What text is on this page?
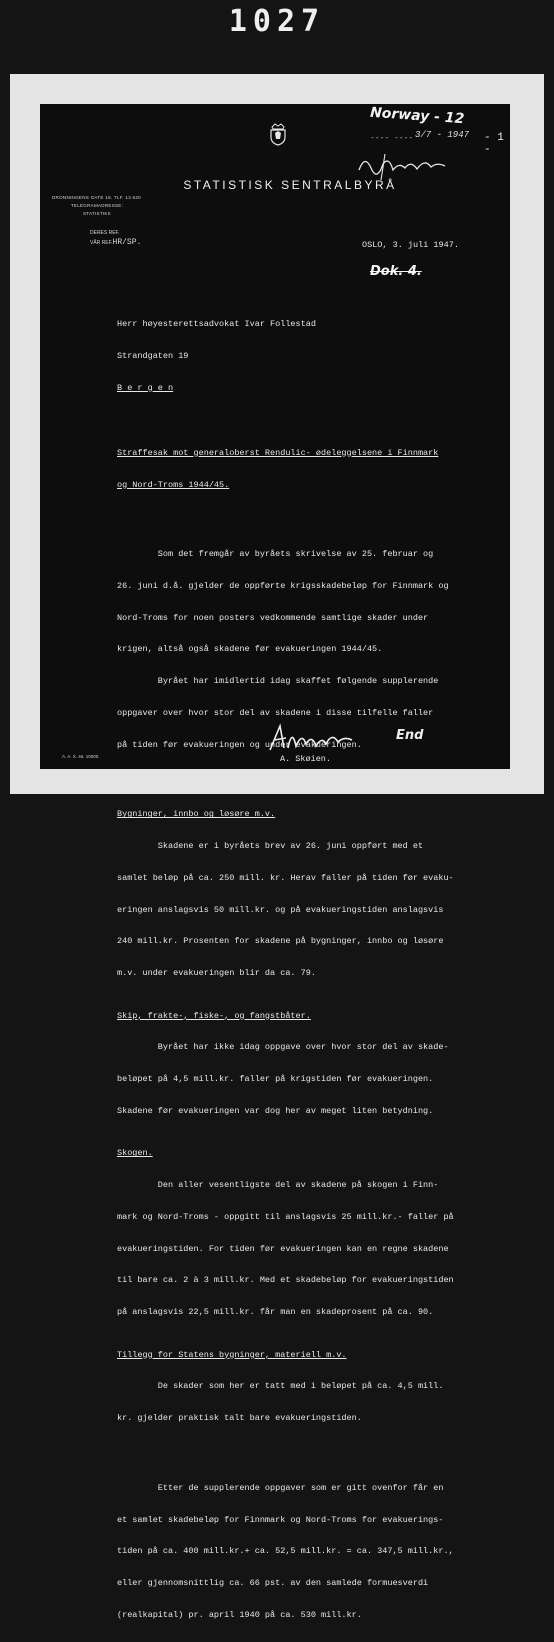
1027
Norway - 12
---- ---- 3/7 - 1947 - 1 -
STATISTISK SENTRALBYRÅ
DRONNINGENS GATE 16. TLF. 13 620
TELEGRAMADRESSE:
STATISTIKK
DERES REF.
VÅR REF.HR/SP.	OSLO, 3. juli 1947.
Dok. 4.

Herr høyesterettsadvokat Ivar Follestad

Strandgaten 19

B e r g e n

Straffesak mot generaloberst Rendulic- ødeleggelsene i Finnmark

og Nord-Troms 1944/45.

Som det fremgår av byråets skrivelse av 25. februar og

26. juni d.å. gjelder de oppførte krigsskadebeløp for Finnmark og

Nord-Troms for noen posters vedkommende samtlige skader under

krigen, altså også skadene før evakueringen 1944/45.

Byrået har imidlertid idag skaffet følgende supplerende

oppgaver over hvor stor del av skadene i disse tilfelle faller

på tiden før evakueringen og under evakueringen.

Bygninger, innbo og løsøre m.v.

Skadene er i byråets brev av 26. juni oppført med et

samlet beløp på ca. 250 mill. kr. Herav faller på tiden før evaku-

eringen anslagsvis 50 mill.kr. og på evakueringstiden anslagsvis

240 mill.kr. Prosenten for skadene på bygninger, innbo og løsøre

m.v. under evakueringen blir da ca. 79.

Skip, frakte-, fiske-, og fangstbåter.

Byrået har ikke idag oppgave over hvor stor del av skade-

beløpet på 4,5 mill.kr. faller på krigstiden før evakueringen.

Skadene før evakueringen var dog her av meget liten betydning.

Skogen.

Den aller vesentligste del av skadene på skogen i Finn-

mark og Nord-Troms - oppgitt til anslagsvis 25 mill.kr.- faller på

evakueringstiden. For tiden før evakueringen kan en regne skadene

til bare ca. 2 à 3 mill.kr. Med et skadebeløp for evakueringstiden

på anslagsvis 22,5 mill.kr. får man en skadeprosent på ca. 90.

Tillegg for Statens bygninger, materiell m.v.

De skader som her er tatt med i beløpet på ca. 4,5 mill.

kr. gjelder praktisk talt bare evakueringstiden.

Etter de supplerende oppgaver som er gitt ovenfor får en

et samlet skadebeløp for Finnmark og Nord-Troms for evakuerings-

tiden på ca. 400 mill.kr.+ ca. 52,5 mill.kr. = ca. 347,5 mill.kr.,

eller gjennomsnittlig ca. 66 pst. av den samlede formuesverdi

(realkapital) pr. april 1940 på ca. 530 mill.kr.

End
A. A. X. 46. 10000.	A. Skøien.
